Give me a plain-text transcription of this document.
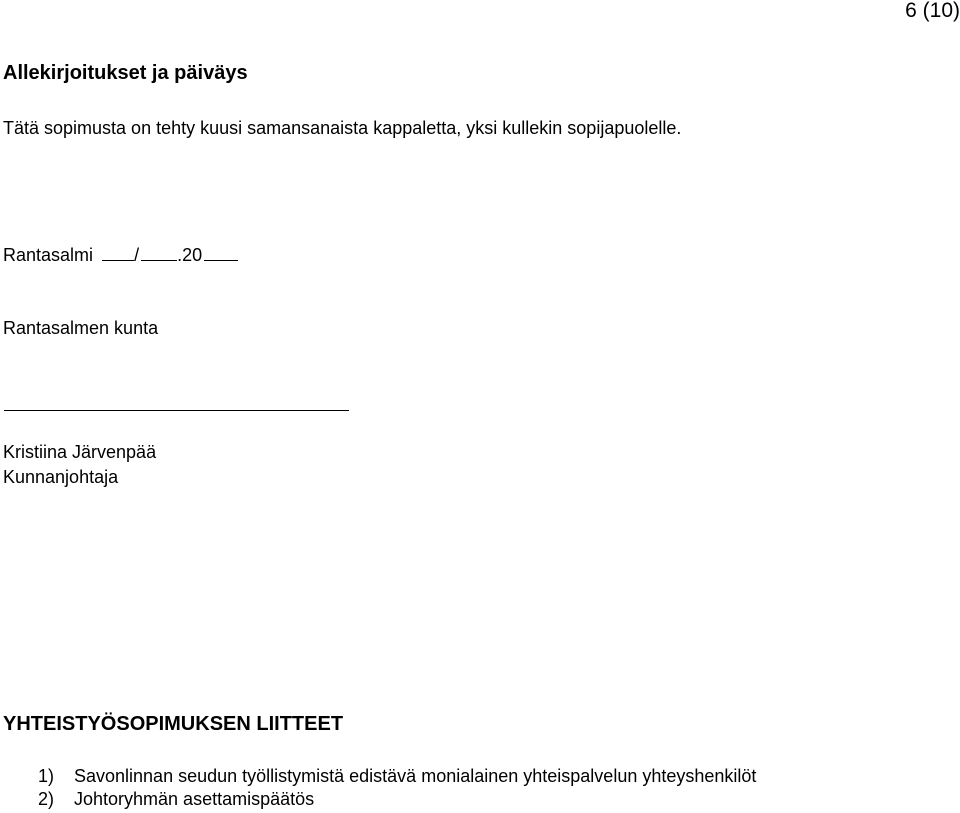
6 (10)
Allekirjoitukset ja päiväys
Tätä sopimusta on tehty kuusi samansanaista kappaletta, yksi kullekin sopijapuolelle.
Rantasalmi / .20
Rantasalmen kunta
Kristiina Järvenpää
Kunnanjohtaja
YHTEISTYÖSOPIMUKSEN LIITTEET
1) Savonlinnan seudun työllistymistä edistävä monialainen yhteispalvelun yhteyshenkilöt
2) Johtoryhmän asettamispäätös
